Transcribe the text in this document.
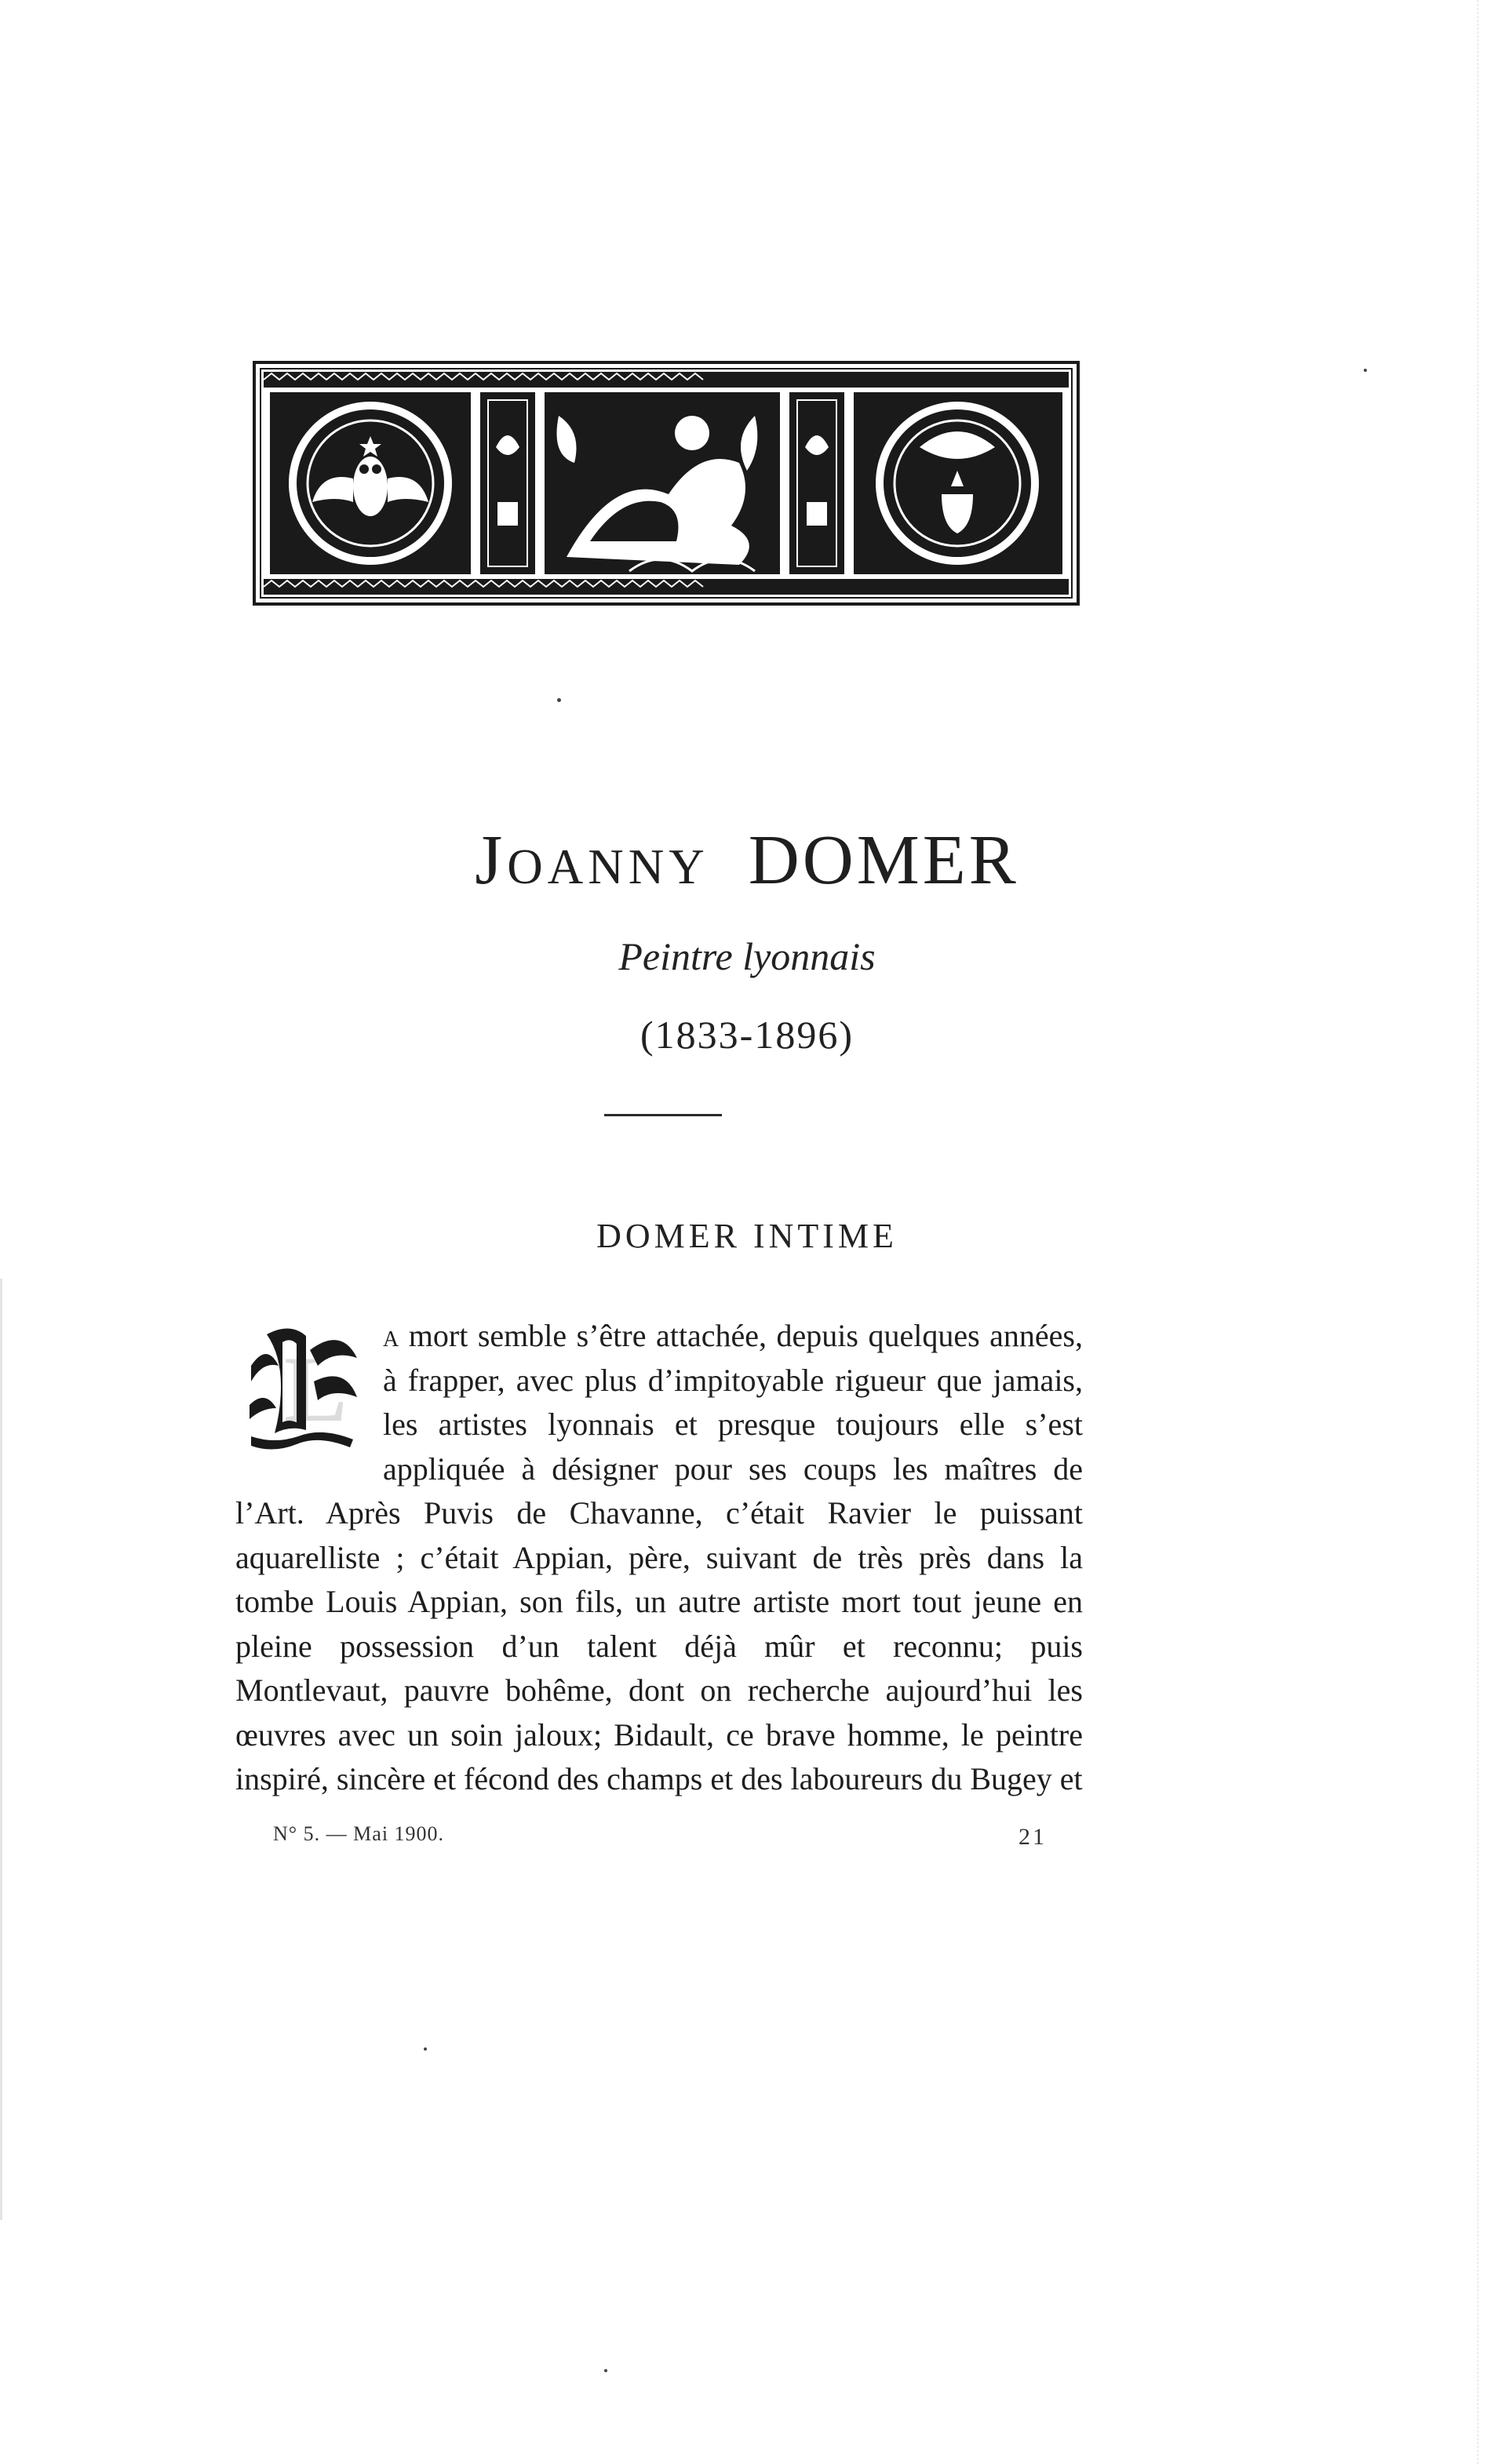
Joanny DOMER
Peintre lyonnais
(1833-1896)
DOMER INTIME
L

a mort semble s’être attachée, depuis quelques années, à frapper, avec plus d’impitoyable rigueur que jamais, les artistes lyonnais et presque toujours elle s’est appliquée à désigner pour ses coups les maîtres de l’Art. Après Puvis de Chavanne, c’était Ravier le puissant aquarelliste ; c’était Appian, père, suivant de très près dans la tombe Louis Appian, son fils, un autre artiste mort tout jeune en pleine possession d’un talent déjà mûr et reconnu; puis Montlevaut, pauvre bohême, dont on recherche aujourd’hui les œuvres avec un soin jaloux; Bidault, ce brave homme, le peintre inspiré, sincère et fécond des champs et des laboureurs du Bugey et

N° 5. — Mai 1900.	21
